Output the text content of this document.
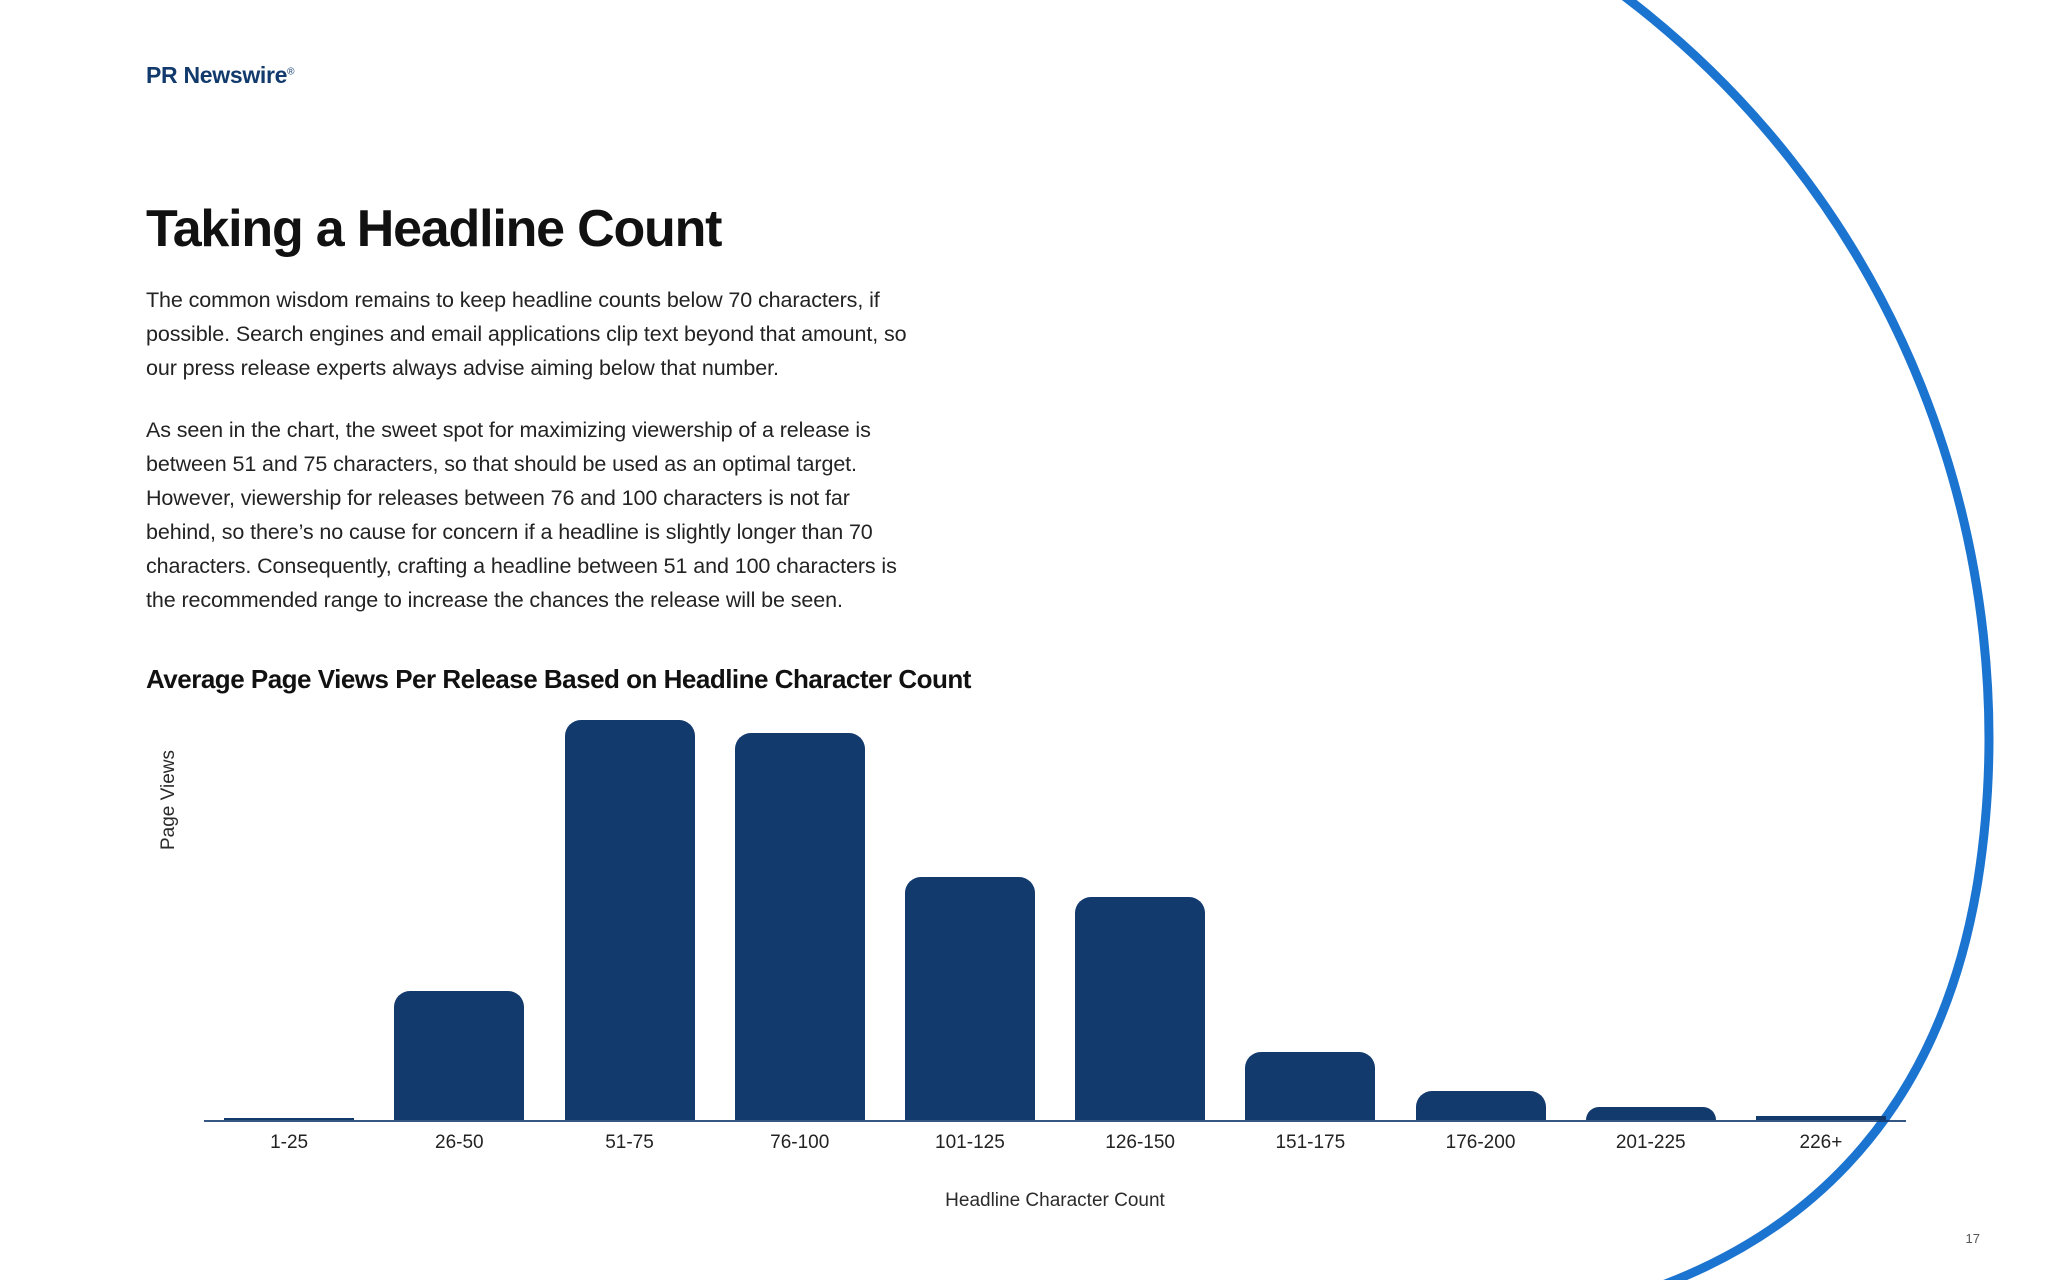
PR Newswire®
Taking a Headline Count

The common wisdom remains to keep headline counts below 70 characters, if possible. Search engines and email applications clip text beyond that amount, so our press release experts always advise aiming below that number.

As seen in the chart, the sweet spot for maximizing viewership of a release is between 51 and 75 characters, so that should be used as an optimal target. However, viewership for releases between 76 and 100 characters is not far behind, so there’s no cause for concern if a headline is slightly longer than 70 characters. Consequently, crafting a headline between 51 and 100 characters is the recommended range to increase the chances the release will be seen.

Average Page Views Per Release Based on Headline Character Count
Page Views
1-25	26-50	51-75	76-100	101-125	126-150	151-175	176-200	201-225	226+
Headline Character Count
17
